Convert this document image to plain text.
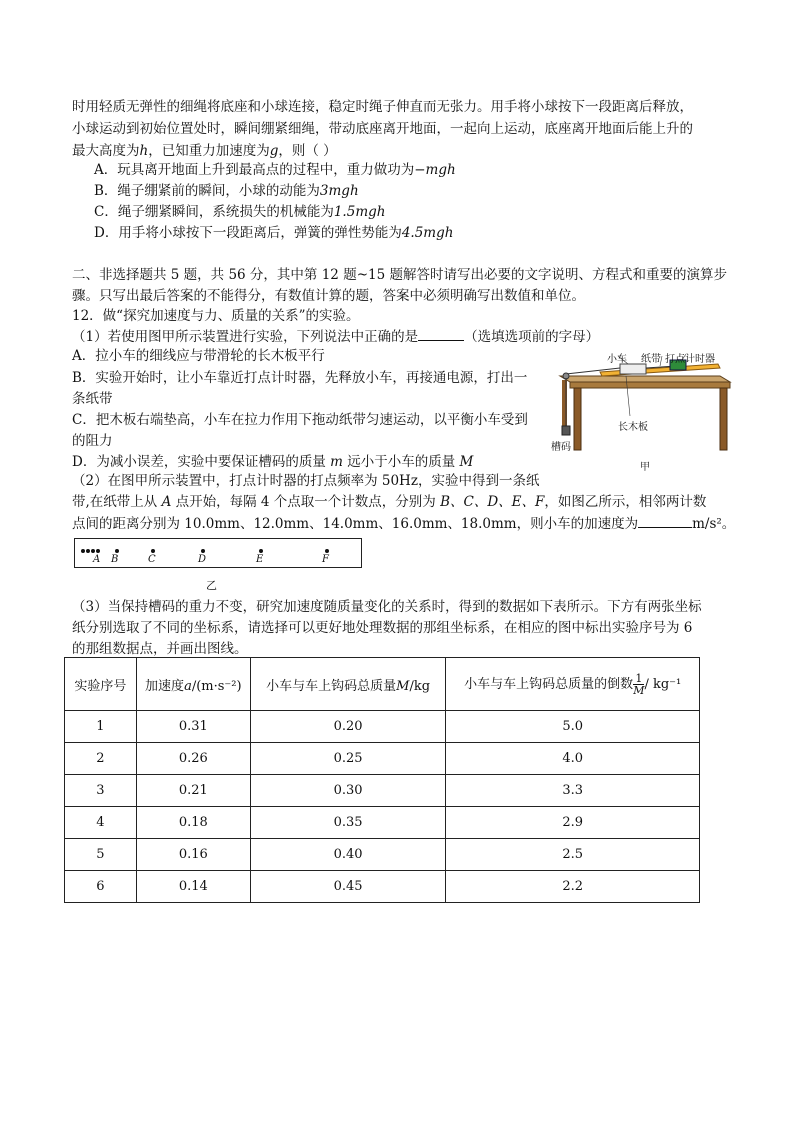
时用轻质无弹性的细绳将底座和小球连接，稳定时绳子伸直而无张力。用手将小球按下一段距离后释放，
小球运动到初始位置处时，瞬间绷紧细绳，带动底座离开地面，一起向上运动，底座离开地面后能上升的
最大高度为h，已知重力加速度为g，则（ ）
A．玩具离开地面上升到最高点的过程中，重力做功为−mgh
B．绳子绷紧前的瞬间，小球的动能为3mgh
C．绳子绷紧瞬间，系统损失的机械能为1.5mgh
D．用手将小球按下一段距离后，弹簧的弹性势能为4.5mgh
二、非选择题共 5 题，共 56 分，其中第 12 题~15 题解答时请写出必要的文字说明、方程式和重要的演算步
骤。只写出最后答案的不能得分，有数值计算的题，答案中必须明确写出数值和单位。
12．做“探究加速度与力、质量的关系”的实验。
（1）若使用图甲所示装置进行实验，下列说法中正确的是	（选填选项前的字母）
A．拉小车的细线应与带滑轮的长木板平行
B．实验开始时，让小车靠近打点计时器，先释放小车，再接通电源，打出一
条纸带
C．把木板右端垫高，小车在拉力作用下拖动纸带匀速运动，以平衡小车受到
的阻力
D．为减小误差，实验中要保证槽码的质量 m 远小于小车的质量 M
小车 纸带 打点计时器
长木板
槽码
甲
（2）在图甲所示装置中，打点计时器的打点频率为 50Hz，实验中得到一条纸
带,在纸带上从 A 点开始，每隔 4 个点取一个计数点，分别为 B、C、D、E、F，如图乙所示，相邻两计数
点间的距离分别为 10.0mm、12.0mm、14.0mm、16.0mm、18.0mm，则小车的加速度为	m/s²。
A B	C	D	E	F
乙
（3）当保持槽码的重力不变，研究加速度随质量变化的关系时，得到的数据如下表所示。下方有两张坐标
纸分别选取了不同的坐标系，请选择可以更好地处理数据的那组坐标系，在相应的图中标出实验序号为 6
的那组数据点，并画出图线。
实验序号	加速度a/(m·s⁻²)	小车与车上钩码总质量M/kg	小车与车上钩码总质量的倒数 $\frac{1}{M} / kg^{-1}$
1	0.31	0.20	5.0
2	0.26	0.25	4.0
3	0.21	0.30	3.3
4	0.18	0.35	2.9
5	0.16	0.40	2.5
6	0.14	0.45	2.2
